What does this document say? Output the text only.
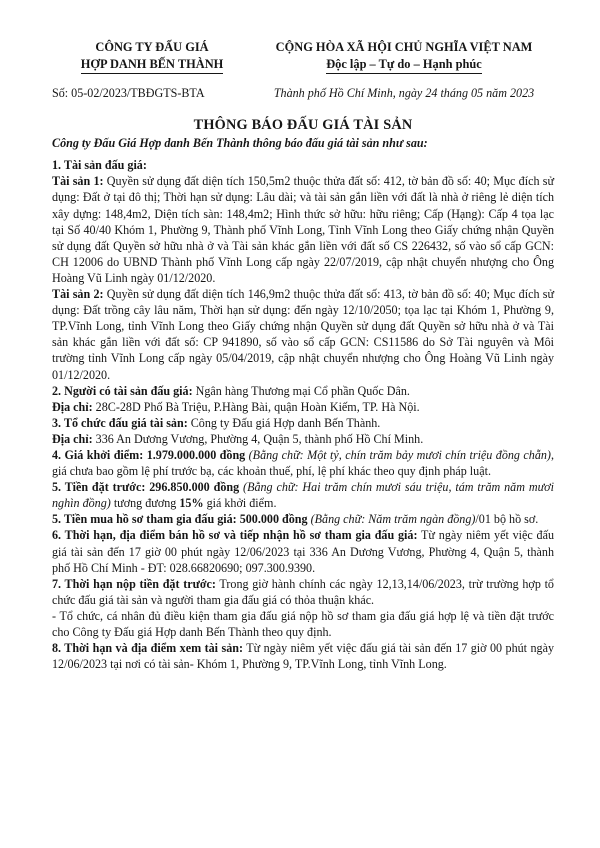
CÔNG TY ĐẤU GIÁ
HỢP DANH BẾN THÀNH
Số: 05-02/2023/TBĐGTS-BTA
CỘNG HÒA XÃ HỘI CHỦ NGHĨA VIỆT NAM
Độc lập – Tự do – Hạnh phúc
Thành phố Hồ Chí Minh, ngày 24 tháng 05 năm 2023
THÔNG BÁO ĐẤU GIÁ TÀI SẢN
Công ty Đấu Giá Hợp danh Bến Thành thông báo đấu giá tài sản như sau:

1. Tài sản đấu giá:

Tài sản 1: Quyền sử dụng đất diện tích 150,5m2 thuộc thửa đất số: 412, tờ bản đồ số: 40; Mục đích sử dụng: Đất ở tại đô thị; Thời hạn sử dụng: Lâu dài; và tài sản gắn liền với đất là nhà ở riêng lẻ diện tích xây dựng: 148,4m2, Diện tích sàn: 148,4m2; Hình thức sở hữu: hữu riêng; Cấp (Hạng): Cấp 4 tọa lạc tại Số 40/40 Khóm 1, Phường 9, Thành phố Vĩnh Long, Tỉnh Vĩnh Long theo Giấy chứng nhận Quyền sử dụng đất Quyền sở hữu nhà ở và Tài sản khác gắn liền với đất số CS 226432, số vào sổ cấp GCN: CH 12006 do UBND Thành phố Vĩnh Long cấp ngày 22/07/2019, cập nhật chuyển nhượng cho Ông Hoàng Vũ Linh ngày 01/12/2020.

Tài sản 2: Quyền sử dụng đất diện tích 146,9m2 thuộc thửa đất số: 413, tờ bản đồ số: 40; Mục đích sử dụng: Đất trồng cây lâu năm, Thời hạn sử dụng: đến ngày 12/10/2050; tọa lạc tại Khóm 1, Phường 9, TP.Vĩnh Long, tỉnh Vĩnh Long theo Giấy chứng nhận Quyền sử dụng đất Quyền sở hữu nhà ở và Tài sản khác gắn liền với đất số: CP 941890, số vào sổ cấp GCN: CS11586 do Sở Tài nguyên và Môi trường tỉnh Vĩnh Long cấp ngày 05/04/2019, cập nhật chuyển nhượng cho Ông Hoàng Vũ Linh ngày 01/12/2020.

2. Người có tài sản đấu giá: Ngân hàng Thương mại Cổ phần Quốc Dân.

Địa chỉ: 28C-28D Phố Bà Triệu, P.Hàng Bài, quận Hoàn Kiếm, TP. Hà Nội.

3. Tổ chức đấu giá tài sản: Công ty Đấu giá Hợp danh Bến Thành.

Địa chỉ: 336 An Dương Vương, Phường 4, Quận 5, thành phố Hồ Chí Minh.

4. Giá khởi điểm: 1.979.000.000 đồng (Bằng chữ: Một tỷ, chín trăm bảy mươi chín triệu đồng chẵn), giá chưa bao gồm lệ phí trước bạ, các khoản thuế, phí, lệ phí khác theo quy định pháp luật.

5. Tiền đặt trước: 296.850.000 đồng (Bằng chữ: Hai trăm chín mươi sáu triệu, tám trăm năm mươi nghìn đồng) tương đương 15% giá khởi điểm.

5. Tiền mua hồ sơ tham gia đấu giá: 500.000 đồng (Bằng chữ: Năm trăm ngàn đồng)/01 bộ hồ sơ.

6. Thời hạn, địa điểm bán hồ sơ và tiếp nhận hồ sơ tham gia đấu giá: Từ ngày niêm yết việc đấu giá tài sản đến 17 giờ 00 phút ngày 12/06/2023 tại 336 An Dương Vương, Phường 4, Quận 5, thành phố Hồ Chí Minh - ĐT: 028.66820690; 097.300.9390.

7. Thời hạn nộp tiền đặt trước: Trong giờ hành chính các ngày 12,13,14/06/2023, trừ trường hợp tổ chức đấu giá tài sản và người tham gia đấu giá có thỏa thuận khác.

- Tổ chức, cá nhân đủ điều kiện tham gia đấu giá nộp hồ sơ tham gia đấu giá hợp lệ và tiền đặt trước cho Công ty Đấu giá Hợp danh Bến Thành theo quy định.

8. Thời hạn và địa điểm xem tài sản: Từ ngày niêm yết việc đấu giá tài sản đến 17 giờ 00 phút ngày 12/06/2023 tại nơi có tài sản- Khóm 1, Phường 9, TP.Vĩnh Long, tỉnh Vĩnh Long.
